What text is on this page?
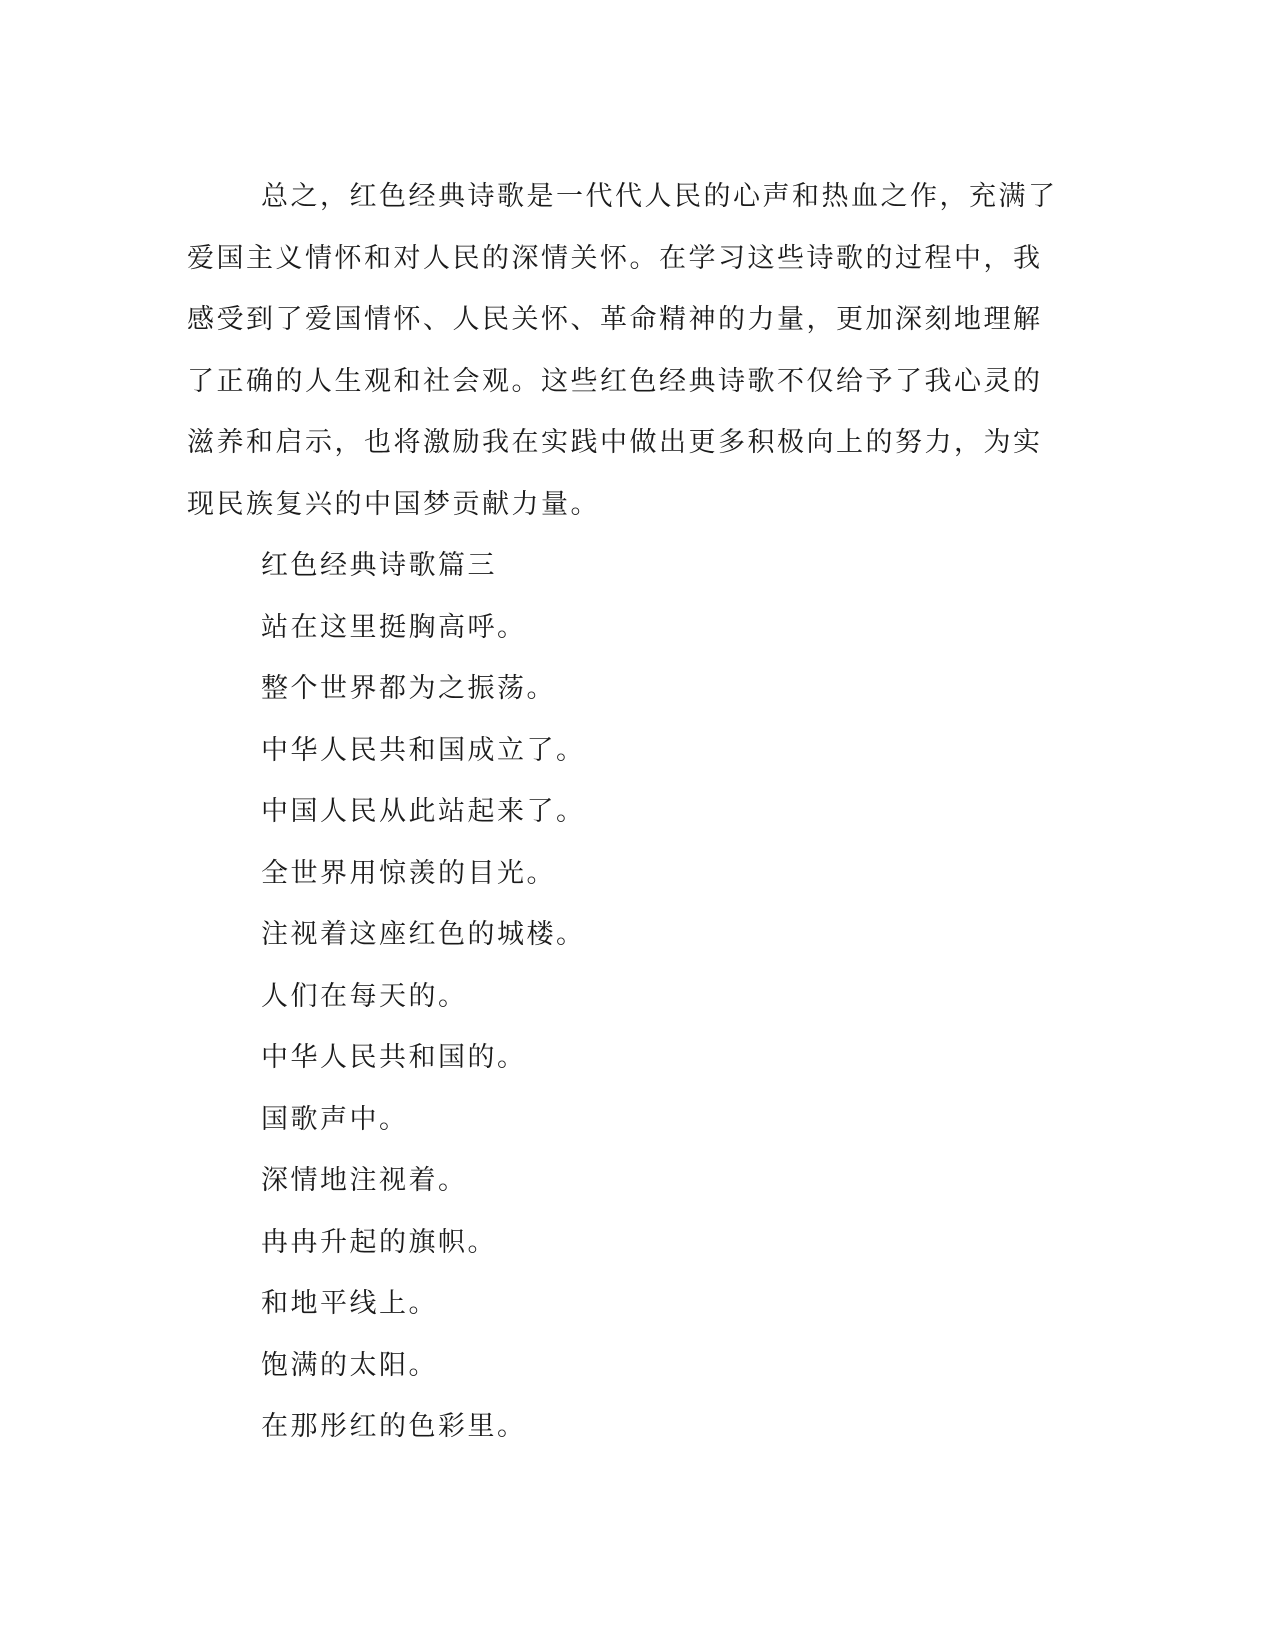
总之，红色经典诗歌是一代代人民的心声和热血之作，充满了爱国主义情怀和对人民的深情关怀。在学习这些诗歌的过程中，我感受到了爱国情怀、人民关怀、革命精神的力量，更加深刻地理解了正确的人生观和社会观。这些红色经典诗歌不仅给予了我心灵的滋养和启示，也将激励我在实践中做出更多积极向上的努力，为实现民族复兴的中国梦贡献力量。

红色经典诗歌篇三

站在这里挺胸高呼。

整个世界都为之振荡。

中华人民共和国成立了。

中国人民从此站起来了。

全世界用惊羡的目光。

注视着这座红色的城楼。

人们在每天的。

中华人民共和国的。

国歌声中。

深情地注视着。

冉冉升起的旗帜。

和地平线上。

饱满的太阳。

在那彤红的色彩里。
